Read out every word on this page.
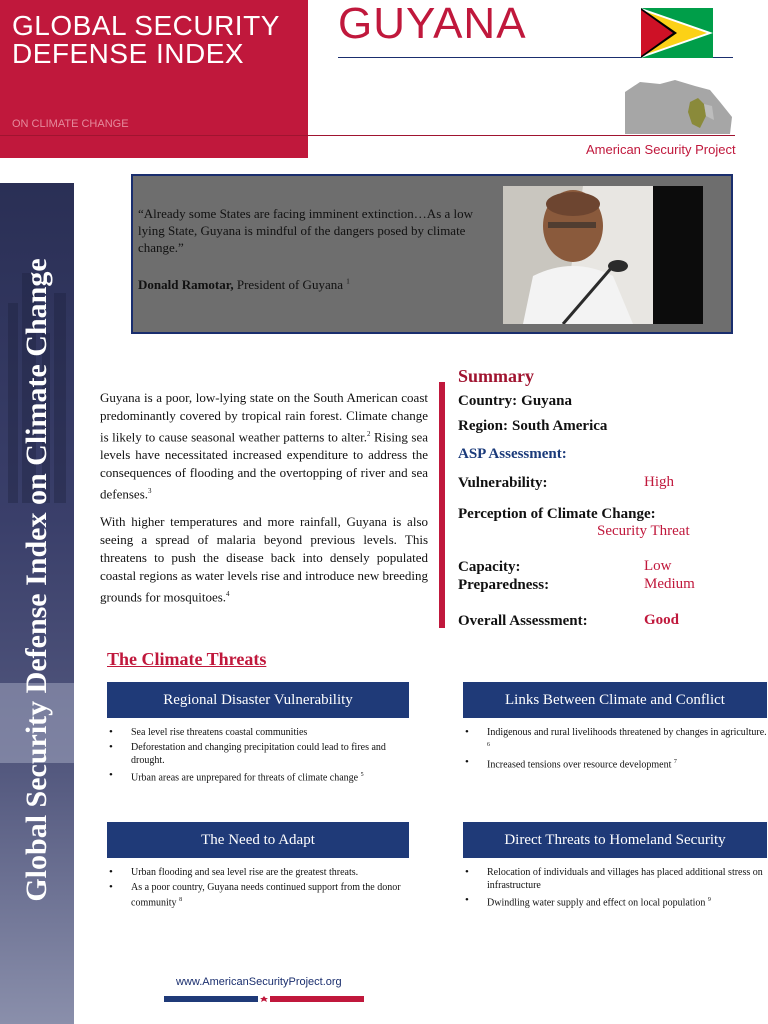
GLOBAL SECURITY
DEFENSE INDEX
ON CLIMATE CHANGE
GUYANA
American Security Project
Global Security Defense Index on Climate Change
“Already some States are facing imminent extinction…As a low lying State, Guyana is mindful of the dangers posed by climate change.”
Donald Ramotar, President of Guyana $^1$
Guyana is a poor, low-lying state on the South American coast predominantly covered by tropical rain forest. Climate change is likely to cause seasonal weather patterns to alter.$^2$ Rising sea levels have necessitated increased expenditure to address the consequences of flooding and the overtopping of river and sea defenses.$^3$
With higher temperatures and more rainfall, Guyana is also seeing a spread of malaria beyond previous levels. This threatens to push the disease back into densely populated coastal regions as water levels rise and introduce new breeding grounds for mosquitoes.$^4$
Summary
Country: Guyana
Region: South America
ASP Assessment:
Vulnerability:	High
Perception of Climate Change:
Security Threat
Capacity:	Low
Preparedness:	Medium
Overall Assessment:	Good
The Climate Threats
Regional Disaster Vulnerability
• Sea level rise threatens coastal communities
• Deforestation and changing precipitation could lead to fires and drought.
• Urban areas are unprepared for threats of climate change $^5$
Links Between Climate and Conflict
• Indigenous and rural livelihoods threatened by changes in agriculture. $^6$
• Increased tensions over resource development $^7$
The Need to Adapt
• Urban flooding and sea level rise are the greatest threats.
• As a poor country, Guyana needs continued support from the donor community $^8$
Direct Threats to Homeland Security
• Relocation of individuals and villages has placed additional stress on infrastructure
• Dwindling water supply and effect on local population $^9$
www.AmericanSecurityProject.org
